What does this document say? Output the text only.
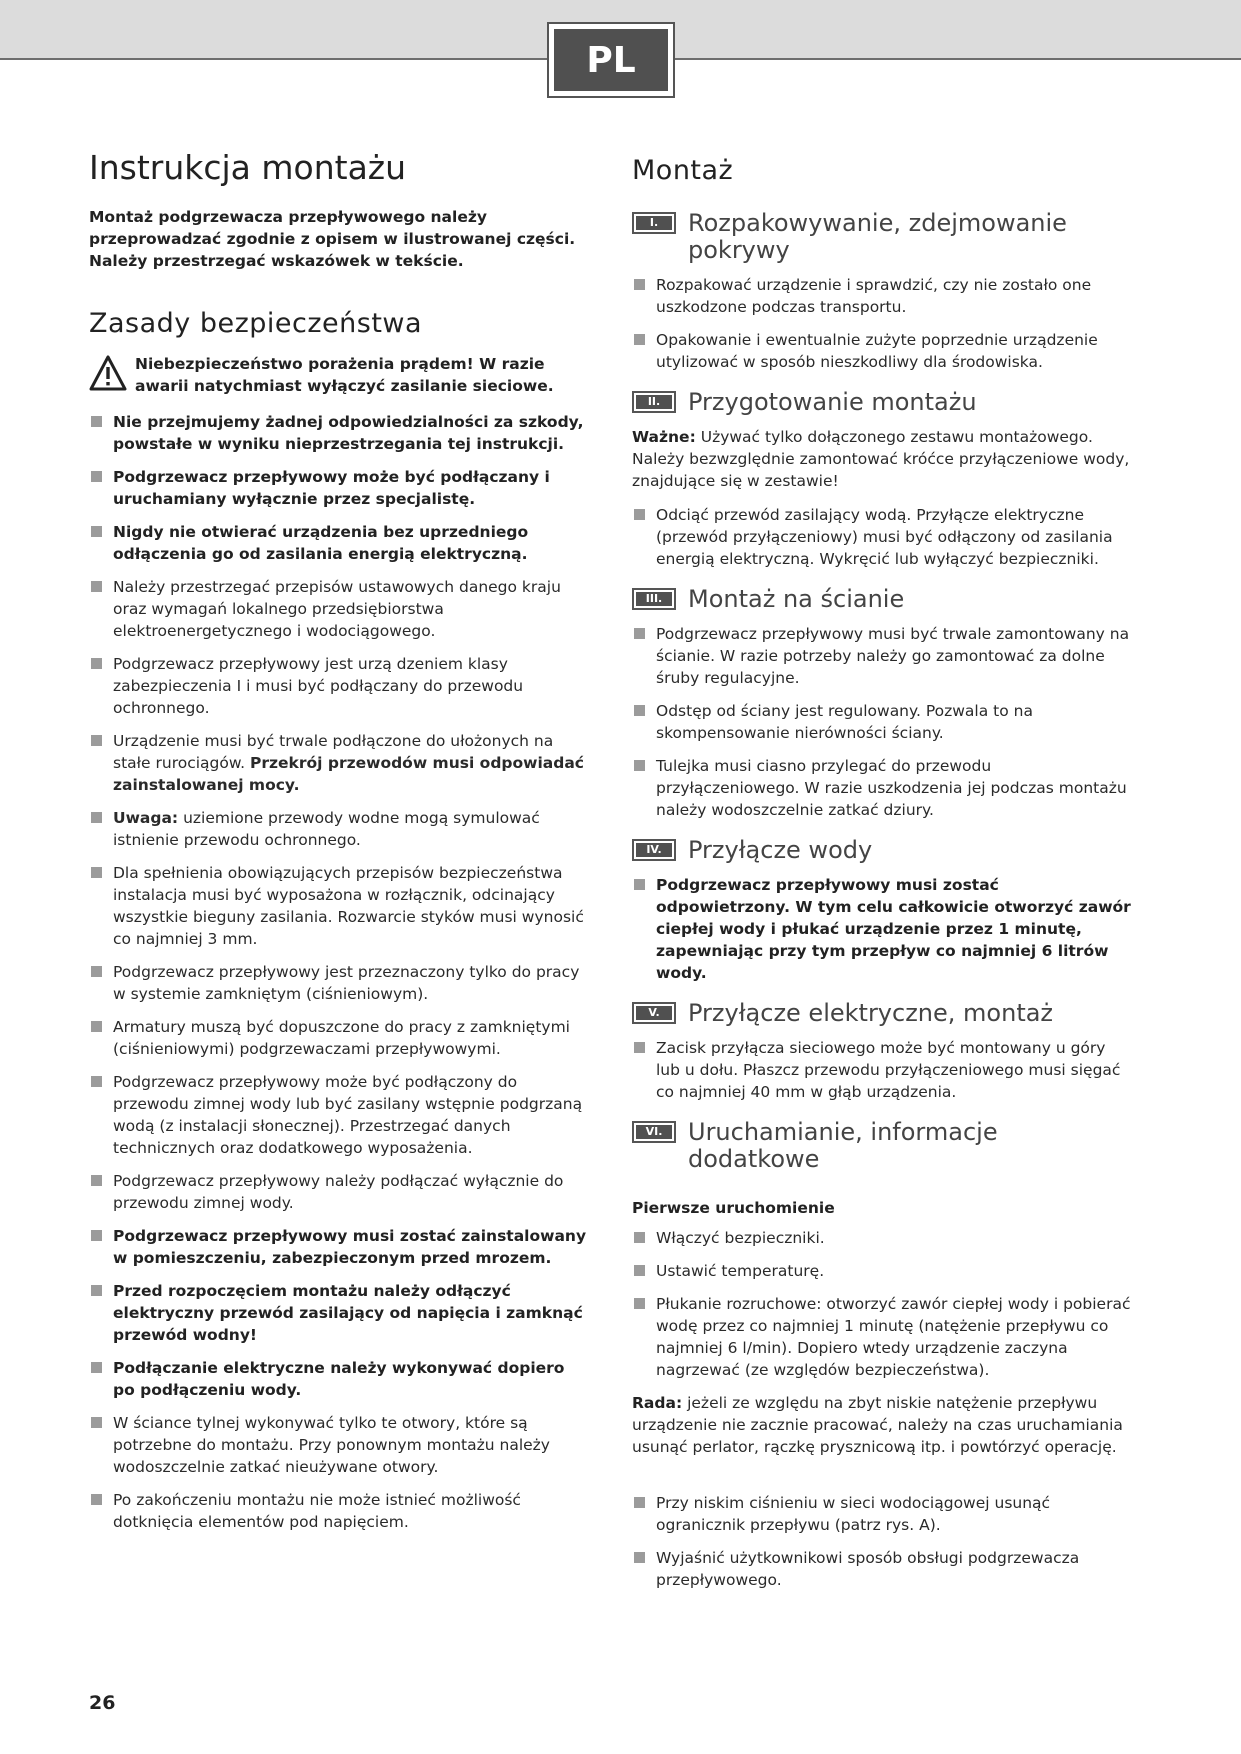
PL
Instrukcja montażu

Montaż podgrzewacza przepływowego należy przeprowadzać zgodnie z opisem w ilustrowanej części. Należy przestrzegać wskazówek w tekście.

Zasady bezpieczeństwa
Niebezpieczeństwo porażenia prądem! W razie awarii natychmiast wyłączyć zasilanie sieciowe.
Nie przejmujemy żadnej odpowiedzialności za szkody, powstałe w wyniku nieprzestrzegania tej instrukcji.
Podgrzewacz przepływowy może być podłączany i uruchamiany wyłącznie przez specjalistę.
Nigdy nie otwierać urządzenia bez uprzedniego odłączenia go od zasilania energią elektryczną.
Należy przestrzegać przepisów ustawowych danego kraju oraz wymagań lokalnego przedsiębiorstwa elektroenergetycznego i wodociągowego.
Podgrzewacz przepływowy jest urzą dzeniem klasy zabezpieczenia I i musi być podłączany do przewodu ochronnego.
Urządzenie musi być trwale podłączone do ułożonych na stałe rurociągów. Przekrój przewodów musi odpowiadać zainstalowanej mocy.
Uwaga: uziemione przewody wodne mogą symulować istnienie przewodu ochronnego.
Dla spełnienia obowiązujących przepisów bezpieczeństwa instalacja musi być wyposażona w rozłącznik, odcinający wszystkie bieguny zasilania. Rozwarcie styków musi wynosić co najmniej 3 mm.
Podgrzewacz przepływowy jest przeznaczony tylko do pracy w systemie zamkniętym (ciśnieniowym).
Armatury muszą być dopuszczone do pracy z zamkniętymi (ciśnieniowymi) podgrzewaczami przepływowymi.
Podgrzewacz przepływowy może być podłączony do przewodu zimnej wody lub być zasilany wstępnie podgrzaną wodą (z instalacji słonecznej). Przestrzegać danych technicznych oraz dodatkowego wyposażenia.
Podgrzewacz przepływowy należy podłączać wyłącznie do przewodu zimnej wody.
Podgrzewacz przepływowy musi zostać zainstalowany w pomieszczeniu, zabezpieczonym przed mrozem.
Przed rozpoczęciem montażu należy odłączyć elektryczny przewód zasilający od napięcia i zamknąć przewód wodny!
Podłączanie elektryczne należy wykonywać dopiero po podłączeniu wody.
W ściance tylnej wykonywać tylko te otwory, które są potrzebne do montażu. Przy ponownym montażu należy wodoszczelnie zatkać nieużywane otwory.
Po zakończeniu montażu nie może istnieć możliwość dotknięcia elementów pod napięciem.
Montaż
I.	Rozpakowywanie, zdejmowanie pokrywy
Rozpakować urządzenie i sprawdzić, czy nie zostało one uszkodzone podczas transportu.
Opakowanie i ewentualnie zużyte poprzednie urządzenie utylizować w sposób nieszkodliwy dla środowiska.
II.	Przygotowanie montażu

Ważne: Używać tylko dołączonego zestawu montażowego. Należy bezwzględnie zamontować króćce przyłączeniowe wody, znajdujące się w zestawie!

Odciąć przewód zasilający wodą. Przyłącze elektryczne (przewód przyłączeniowy) musi być odłączony od zasilania energią elektryczną. Wykręcić lub wyłączyć bezpieczniki.
III.	Montaż na ścianie
Podgrzewacz przepływowy musi być trwale zamontowany na ścianie. W razie potrzeby należy go zamontować za dolne śruby regulacyjne.
Odstęp od ściany jest regulowany. Pozwala to na skompensowanie nierówności ściany.
Tulejka musi ciasno przylegać do przewodu przyłączeniowego. W razie uszkodzenia jej podczas montażu należy wodoszczelnie zatkać dziury.
IV.	Przyłącze wody
Podgrzewacz przepływowy musi zostać odpowietrzony. W tym celu całkowicie otworzyć zawór ciepłej wody i płukać urządzenie przez 1 minutę, zapewniając przy tym przepływ co najmniej 6 litrów wody.
V.	Przyłącze elektryczne, montaż
Zacisk przyłącza sieciowego może być montowany u góry lub u dołu. Płaszcz przewodu przyłączeniowego musi sięgać co najmniej 40 mm w głąb urządzenia.
VI.	Uruchamianie, informacje dodatkowe
Pierwsze uruchomienie
Włączyć bezpieczniki.
Ustawić temperaturę.
Płukanie rozruchowe: otworzyć zawór ciepłej wody i pobierać wodę przez co najmniej 1 minutę (natężenie przepływu co najmniej 6 l/min). Dopiero wtedy urządzenie zaczyna nagrzewać (ze względów bezpieczeństwa).

Rada: jeżeli ze względu na zbyt niskie natężenie przepływu urządzenie nie zacznie pracować, należy na czas uruchamiania usunąć perlator, rączkę prysznicową itp. i powtórzyć operację.

Przy niskim ciśnieniu w sieci wodociągowej usunąć ogranicznik przepływu (patrz rys. A).
Wyjaśnić użytkownikowi sposób obsługi podgrzewacza przepływowego.
26
